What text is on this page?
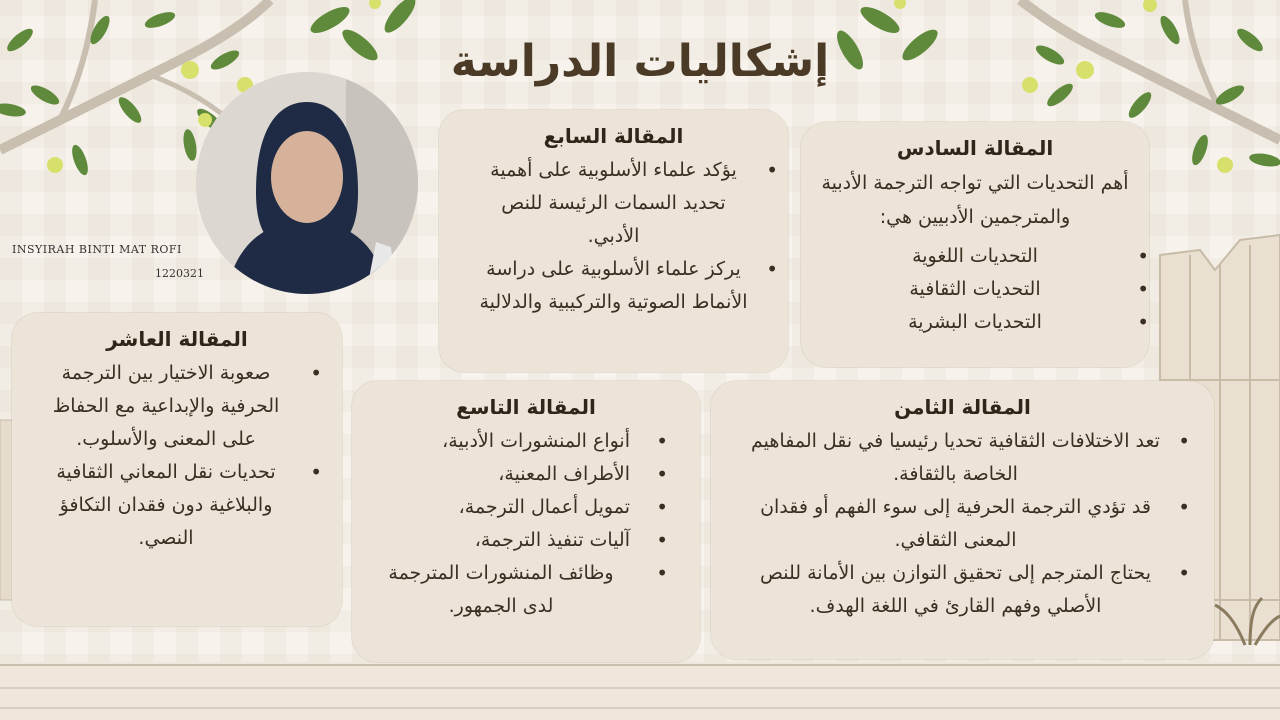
إشكاليات الدراسة
INSYIRAH BINTI MAT ROFI
1220321
المقالة السادس

أهم التحديات التي تواجه الترجمة الأدبية والمترجمين الأدبيين هي:

• التحديات اللغوية
• التحديات الثقافية
• التحديات البشرية
المقالة السابع
• يؤكد علماء الأسلوبية على أهمية تحديد السمات الرئيسة للنص الأدبي.
• يركز علماء الأسلوبية على دراسة الأنماط الصوتية والتركيبية والدلالية
المقالة الثامن
• تعد الاختلافات الثقافية تحديا رئيسيا في نقل المفاهيم الخاصة بالثقافة.
• قد تؤدي الترجمة الحرفية إلى سوء الفهم أو فقدان المعنى الثقافي.
• يحتاج المترجم إلى تحقيق التوازن بين الأمانة للنص الأصلي وفهم القارئ في اللغة الهدف.
المقالة التاسع
• أنواع المنشورات الأدبية،
• الأطراف المعنية،
• تمويل أعمال الترجمة،
• آليات تنفيذ الترجمة،
• وظائف المنشورات المترجمة لدى الجمهور.
المقالة العاشر
• صعوبة الاختيار بين الترجمة الحرفية والإبداعية مع الحفاظ على المعنى والأسلوب.
• تحديات نقل المعاني الثقافية والبلاغية دون فقدان التكافؤ النصي.
